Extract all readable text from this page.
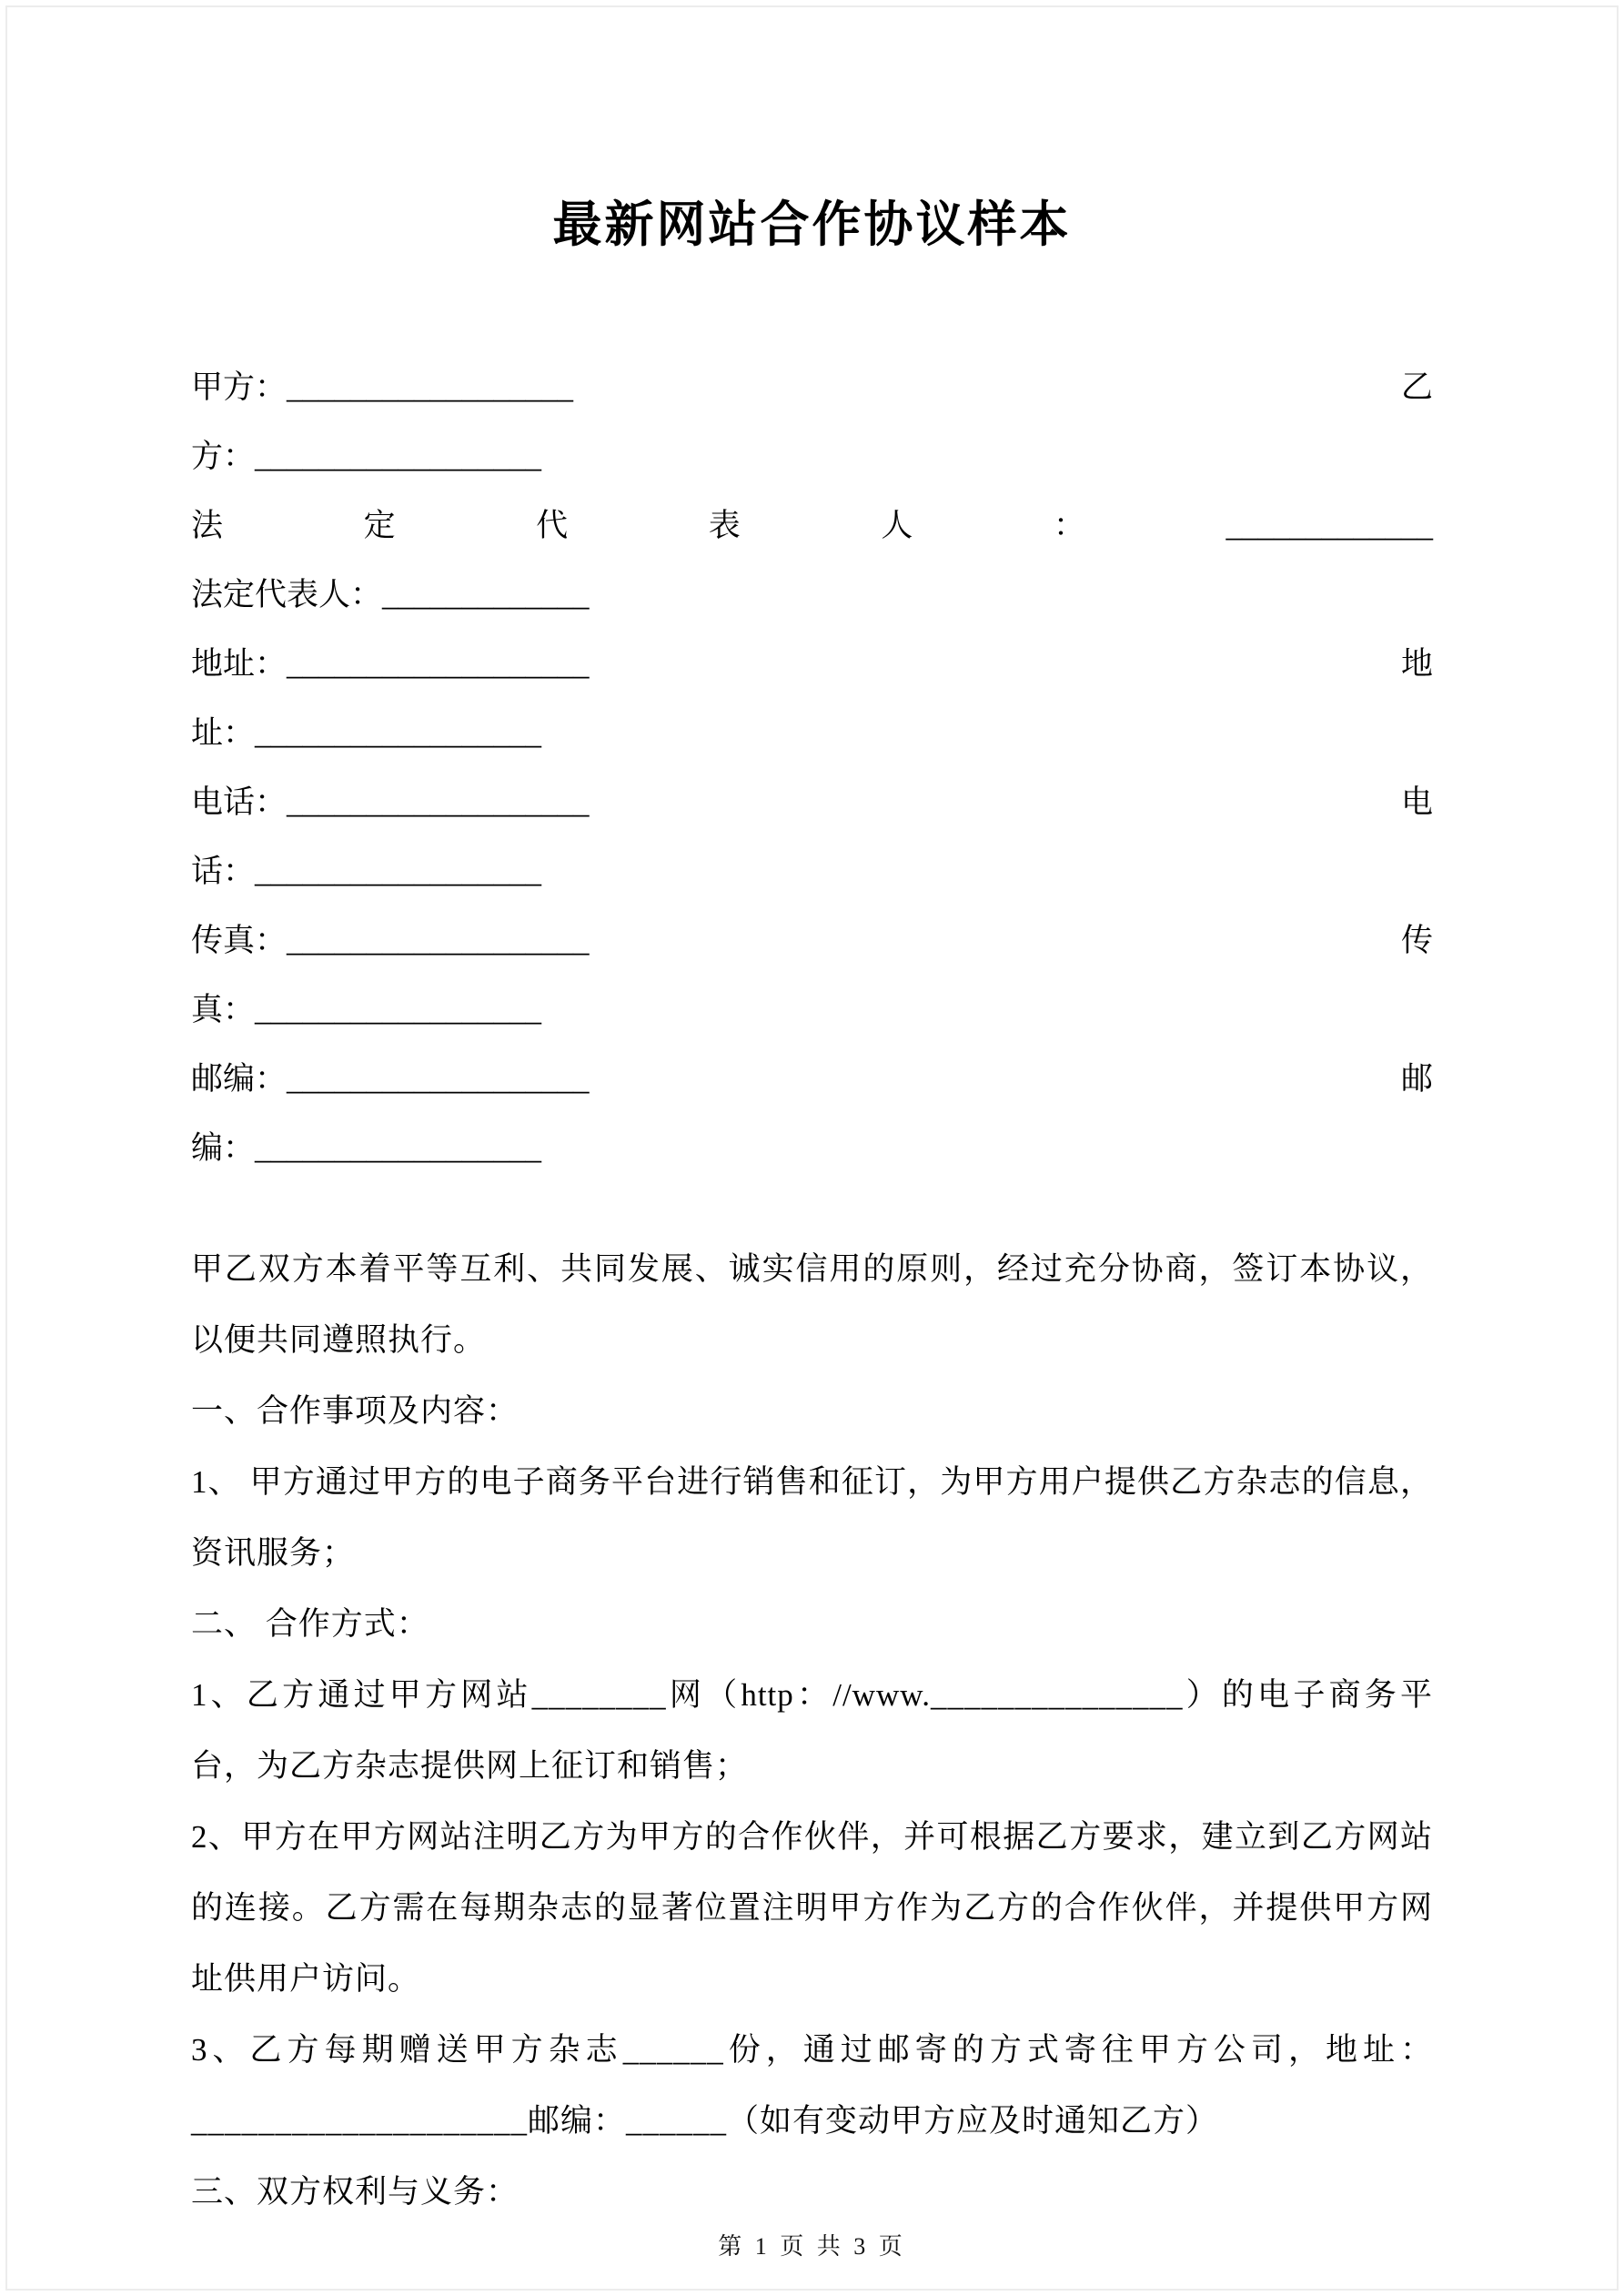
最新网站合作协议样本
甲方：__________________	乙
方：__________________
法	定	代	表	人	：	_____________
法定代表人：_____________
地址：___________________	地
址：__________________
电话：___________________	电
话：__________________
传真：___________________	传
真：__________________
邮编：___________________	邮
编：__________________
甲乙双方本着平等互利、共同发展、诚实信用的原则，经过充分协商，签订本协议，以便共同遵照执行。
一、合作事项及内容：
1、 甲方通过甲方的电子商务平台进行销售和征订，为甲方用户提供乙方杂志的信息，资讯服务；
二、 合作方式：
1、乙方通过甲方网站________网（http：//www._______________）的电子商务平台，为乙方杂志提供网上征订和销售；
2、甲方在甲方网站注明乙方为甲方的合作伙伴，并可根据乙方要求，建立到乙方网站的连接。乙方需在每期杂志的显著位置注明甲方作为乙方的合作伙伴，并提供甲方网址供用户访问。
3、乙方每期赠送甲方杂志______份，通过邮寄的方式寄往甲方公司，地址：____________________邮编：______（如有变动甲方应及时通知乙方）
三、双方权利与义务：
第 1 页 共 3 页
